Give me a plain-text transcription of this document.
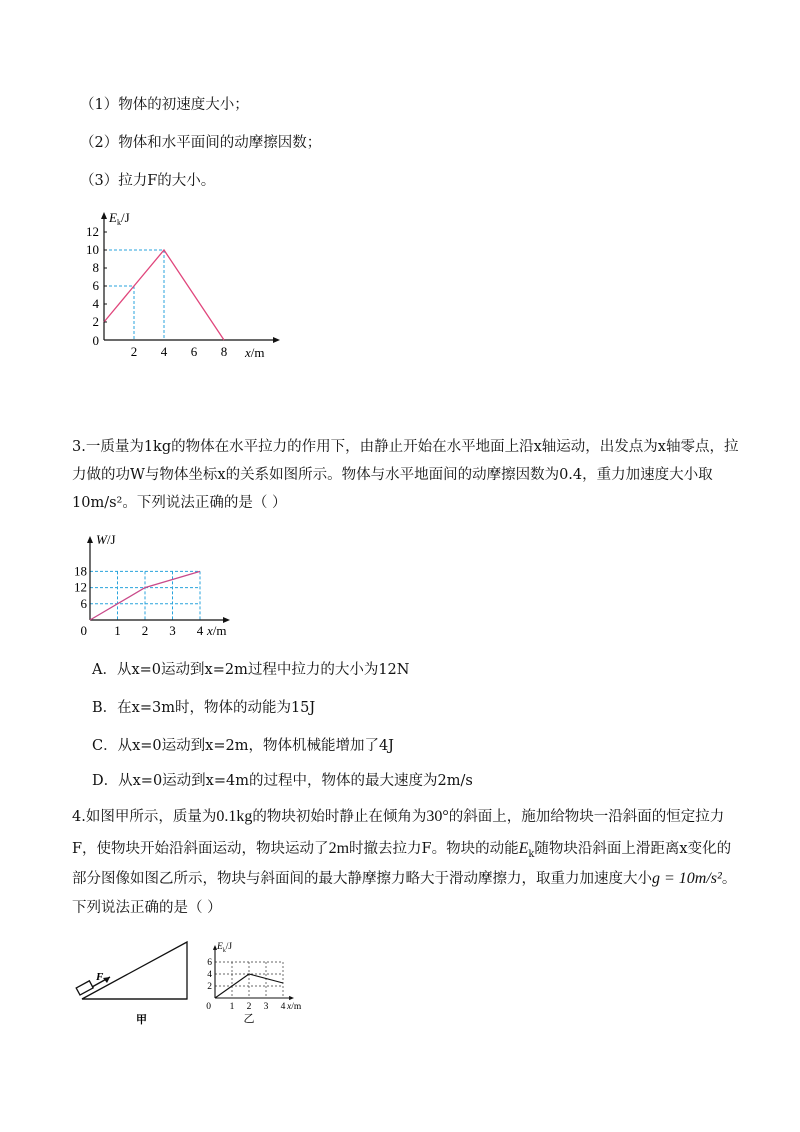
（1）物体的初速度大小；
（2）物体和水平面间的动摩擦因数；
（3）拉力F的大小。
2
4
6
8
10
12
2 4 6 8
0
$E_k/J$
x/m
3.一质量为1kg的物体在水平拉力的作用下，由静止开始在水平地面上沿x轴运动，出发点为x轴零点，拉
力做的功W与物体坐标x的关系如图所示。物体与水平地面间的动摩擦因数为0.4，重力加速度大小取
10m/s²。下列说法正确的是（ ）
6
12
18
1 2 3 4
0
W/J
x/m
A．从x=0运动到x=2m过程中拉力的大小为12N
B．在x=3m时，物体的动能为15J
C．从x=0运动到x=2m，物体机械能增加了4J
D．从x=0运动到x=4m的过程中，物体的最大速度为2m/s
4.如图甲所示，质量为0.1kg的物块初始时静止在倾角为30°的斜面上，施加给物块一沿斜面的恒定拉力
F，使物块开始沿斜面运动，物块运动了2m时撤去拉力F。物块的动能$E_k$随物块沿斜面上滑距离x变化的
部分图像如图乙所示，物块与斜面间的最大静摩擦力略大于滑动摩擦力，取重力加速度大小g = 10m/s²。
下列说法正确的是（ ）
F
甲
2
4
6
1 2 3 4
0
$E_k/J$
x/m
乙
